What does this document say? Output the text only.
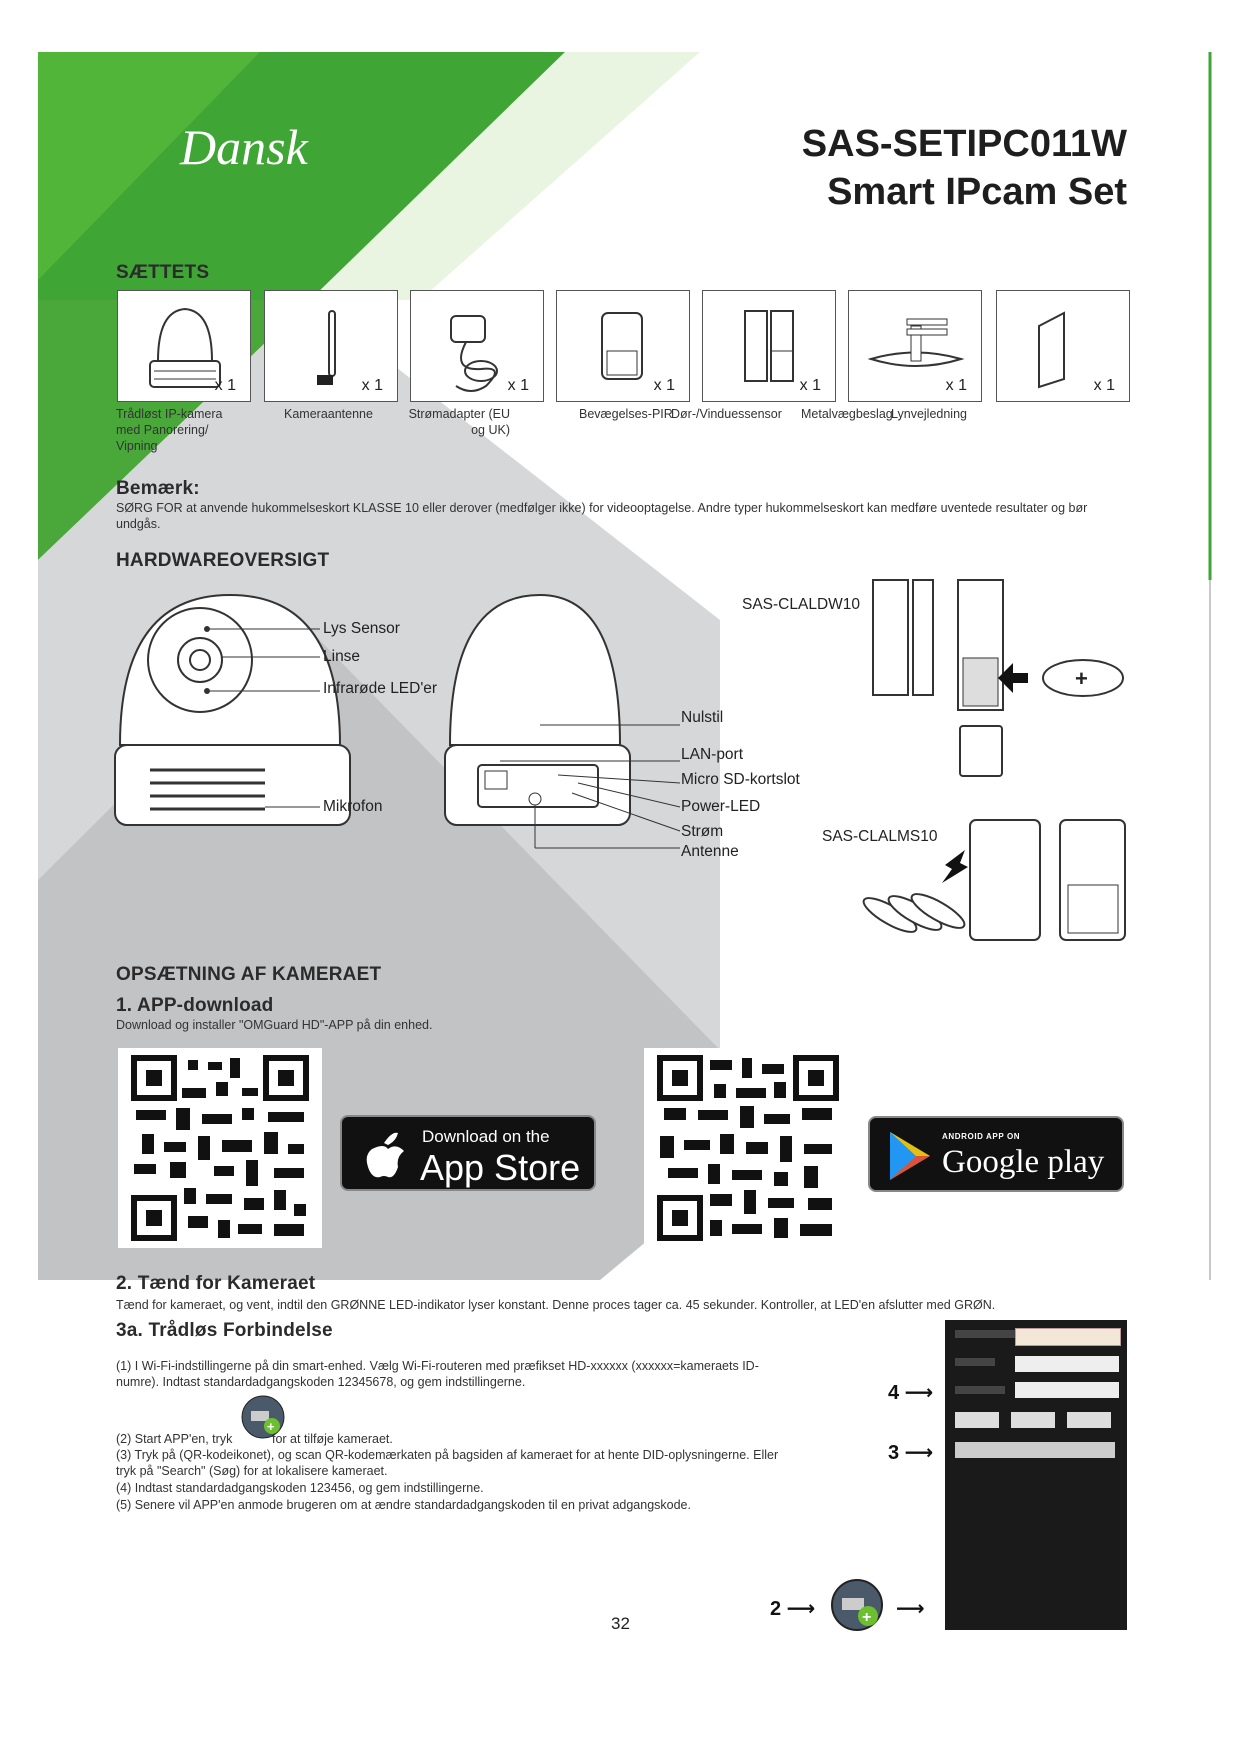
Dansk	SAS-SETIPC011W
Smart IPcam Set
SÆTTETS
x 1	x 1	x 1	x 1	x 1	x 1	x 1
Trådløst IP-kamera med Panorering/ Vipning
Kameraantenne	Strømadapter (EU og UK)
Bevægelses-PIR
Dør-/Vinduessensor Metalvægbeslag
Lynvejledning
Bemærk:
SØRG FOR at anvende hukommelseskort KLASSE 10 eller derover (medfølger ikke) for videooptagelse. Andre typer hukommelseskort kan medføre uventede resultater og bør undgås.
HARDWAREOVERSIGT
Lys Sensor
Linse
Infrarøde LED'er
Mikrofon
Nulstil
LAN-port
Micro SD-kortslot
Power-LED
Strøm
Antenne
SAS-CLALDW10
+
SAS-CLALMS10
OPSÆTNING AF KAMERAET
1. APP-download
Download og installer "OMGuard HD"-APP på din enhed.
Download on the
App Store
ANDROID APP ON
Google play
2. Tænd for Kameraet
Tænd for kameraet, og vent, indtil den GRØNNE LED-indikator lyser konstant. Denne proces tager ca. 45 sekunder. Kontroller, at LED'en afslutter med GRØN.
3a. Trådløs Forbindelse
(1) I Wi-Fi-indstillingerne på din smart-enhed. Vælg Wi-Fi-routeren med præfikset HD-xxxxxx (xxxxxx=kameraets ID-numre). Indtast standardadgangskoden 12345678, og gem indstillingerne.
+
(2) Start APP'en, tryk	for at tilføje kameraet.
(3) Tryk på (QR-kodeikonet), og scan QR-kodemærkaten på bagsiden af kameraet for at hente DID-oplysningerne. Eller tryk på "Search" (Søg) for at lokalisere kameraet.
(4) Indtast standardadgangskoden 123456, og gem indstillingerne.
(5) Senere vil APP'en anmode brugeren om at ændre standardadgangskoden til en privat adgangskode.
4 ⟶
3 ⟶
2 ⟶	+ ⟶
32
